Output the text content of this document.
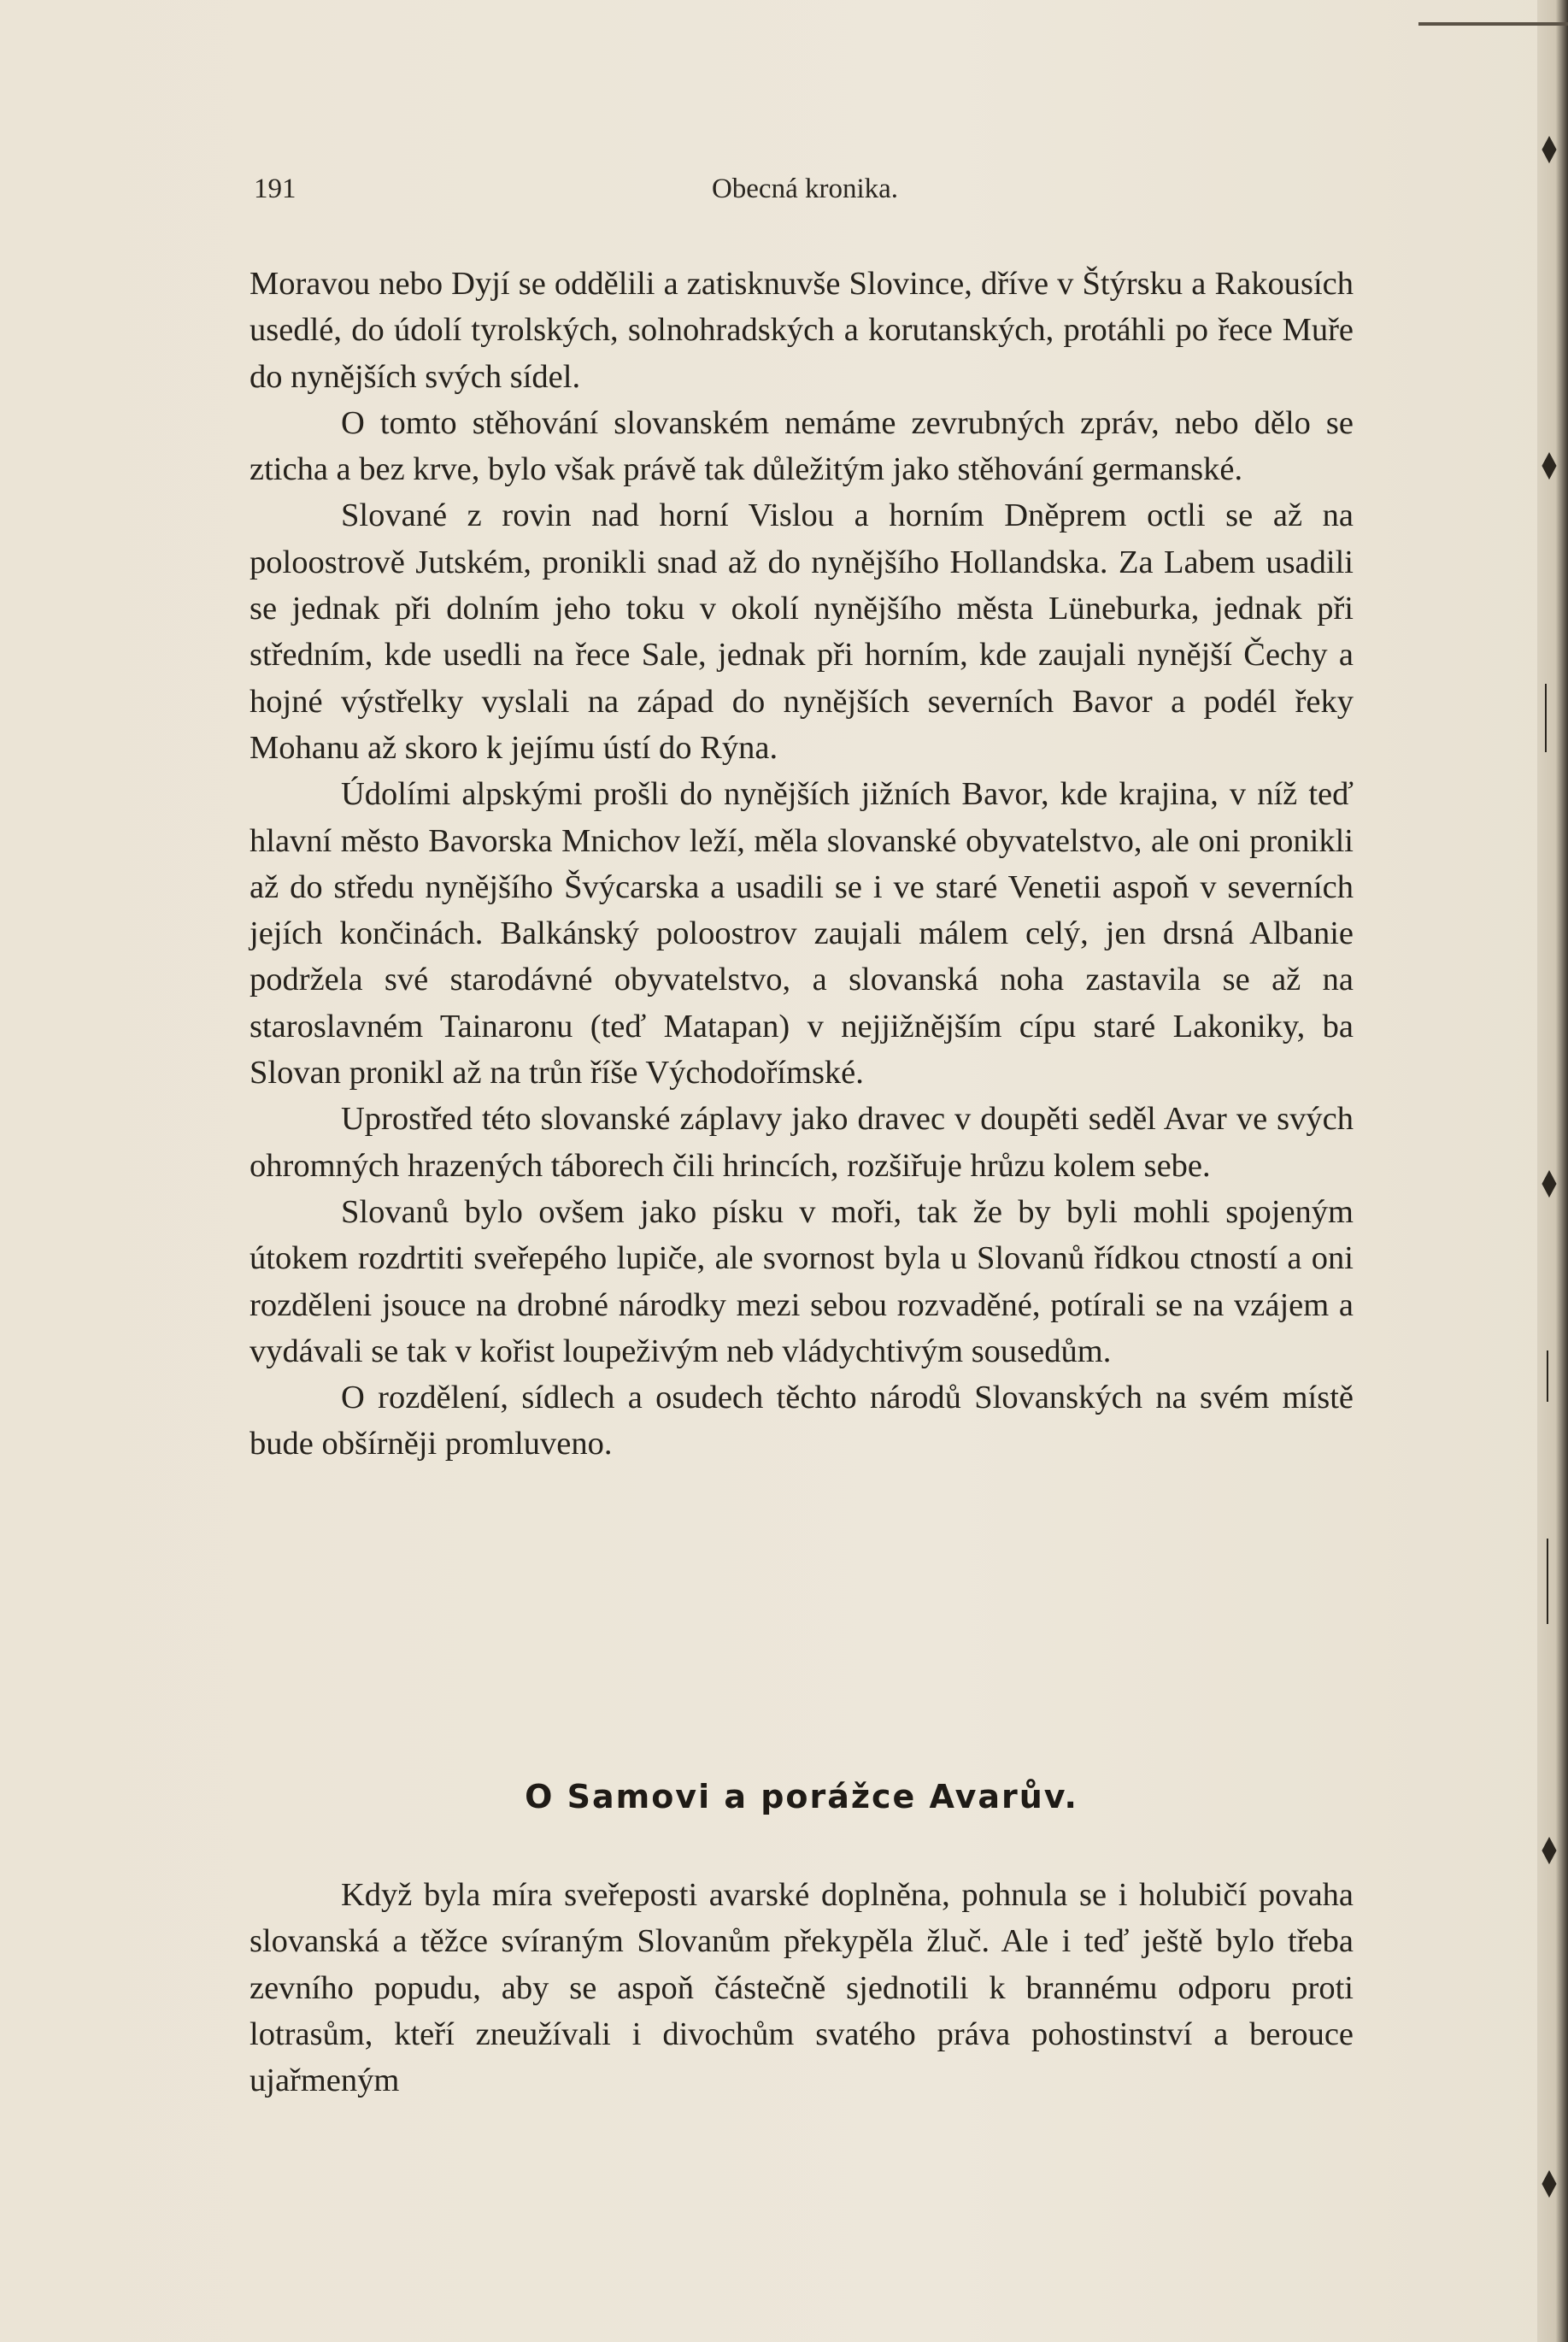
191	Obecná kronika.

Moravou nebo Dyjí se oddělili a zatisknuvše Slovince, dříve v Štýrsku a Rakousích usedlé, do údolí tyrolských, solnohradských a korutanských, protáhli po řece Muře do nynějších svých sídel.

O tomto stěhování slovanském nemáme zevrubných zpráv, nebo dělo se zticha a bez krve, bylo však právě tak důležitým jako stěhování germanské.

Slované z rovin nad horní Vislou a horním Dněprem octli se až na poloostrově Jutském, pronikli snad až do nynějšího Hollandska. Za Labem usadili se jednak při dolním jeho toku v okolí nynějšího města Lüneburka, jednak při středním, kde usedli na řece Sale, jednak při horním, kde zaujali nynější Čechy a hojné výstřelky vyslali na západ do nynějších severních Bavor a podél řeky Mohanu až skoro k jejímu ústí do Rýna.

Údolími alpskými prošli do nynějších jižních Bavor, kde krajina, v níž teď hlavní město Bavorska Mnichov leží, měla slovanské obyvatelstvo, ale oni pronikli až do středu nynějšího Švýcarska a usadili se i ve staré Venetii aspoň v severních jejích končinách. Balkánský poloostrov zaujali málem celý, jen drsná Albanie podržela své starodávné obyvatelstvo, a slovanská noha zastavila se až na staroslavném Tainaronu (teď Matapan) v nejjižnějším cípu staré Lakoniky, ba Slovan pronikl až na trůn říše Východořímské.

Uprostřed této slovanské záplavy jako dravec v doupěti seděl Avar ve svých ohromných hrazených táborech čili hrincích, rozšiřuje hrůzu kolem sebe.

Slovanů bylo ovšem jako písku v moři, tak že by byli mohli spojeným útokem rozdrtiti sveřepého lupiče, ale svornost byla u Slovanů řídkou ctností a oni rozděleni jsouce na drobné národky mezi sebou rozvaděné, potírali se na vzájem a vydávali se tak v kořist loupeživým neb vládychtivým sousedům.

O rozdělení, sídlech a osudech těchto národů Slovanských na svém místě bude obšírněji promluveno.

O Samovi a porážce Avarův.

Když byla míra sveřeposti avarské doplněna, pohnula se i holubičí povaha slovanská a těžce svíraným Slovanům překypěla žluč. Ale i teď ještě bylo třeba zevního popudu, aby se aspoň částečně sjednotili k brannému odporu proti lotrasům, kteří zneužívali i divochům svatého práva pohostinství a berouce ujařmeným
